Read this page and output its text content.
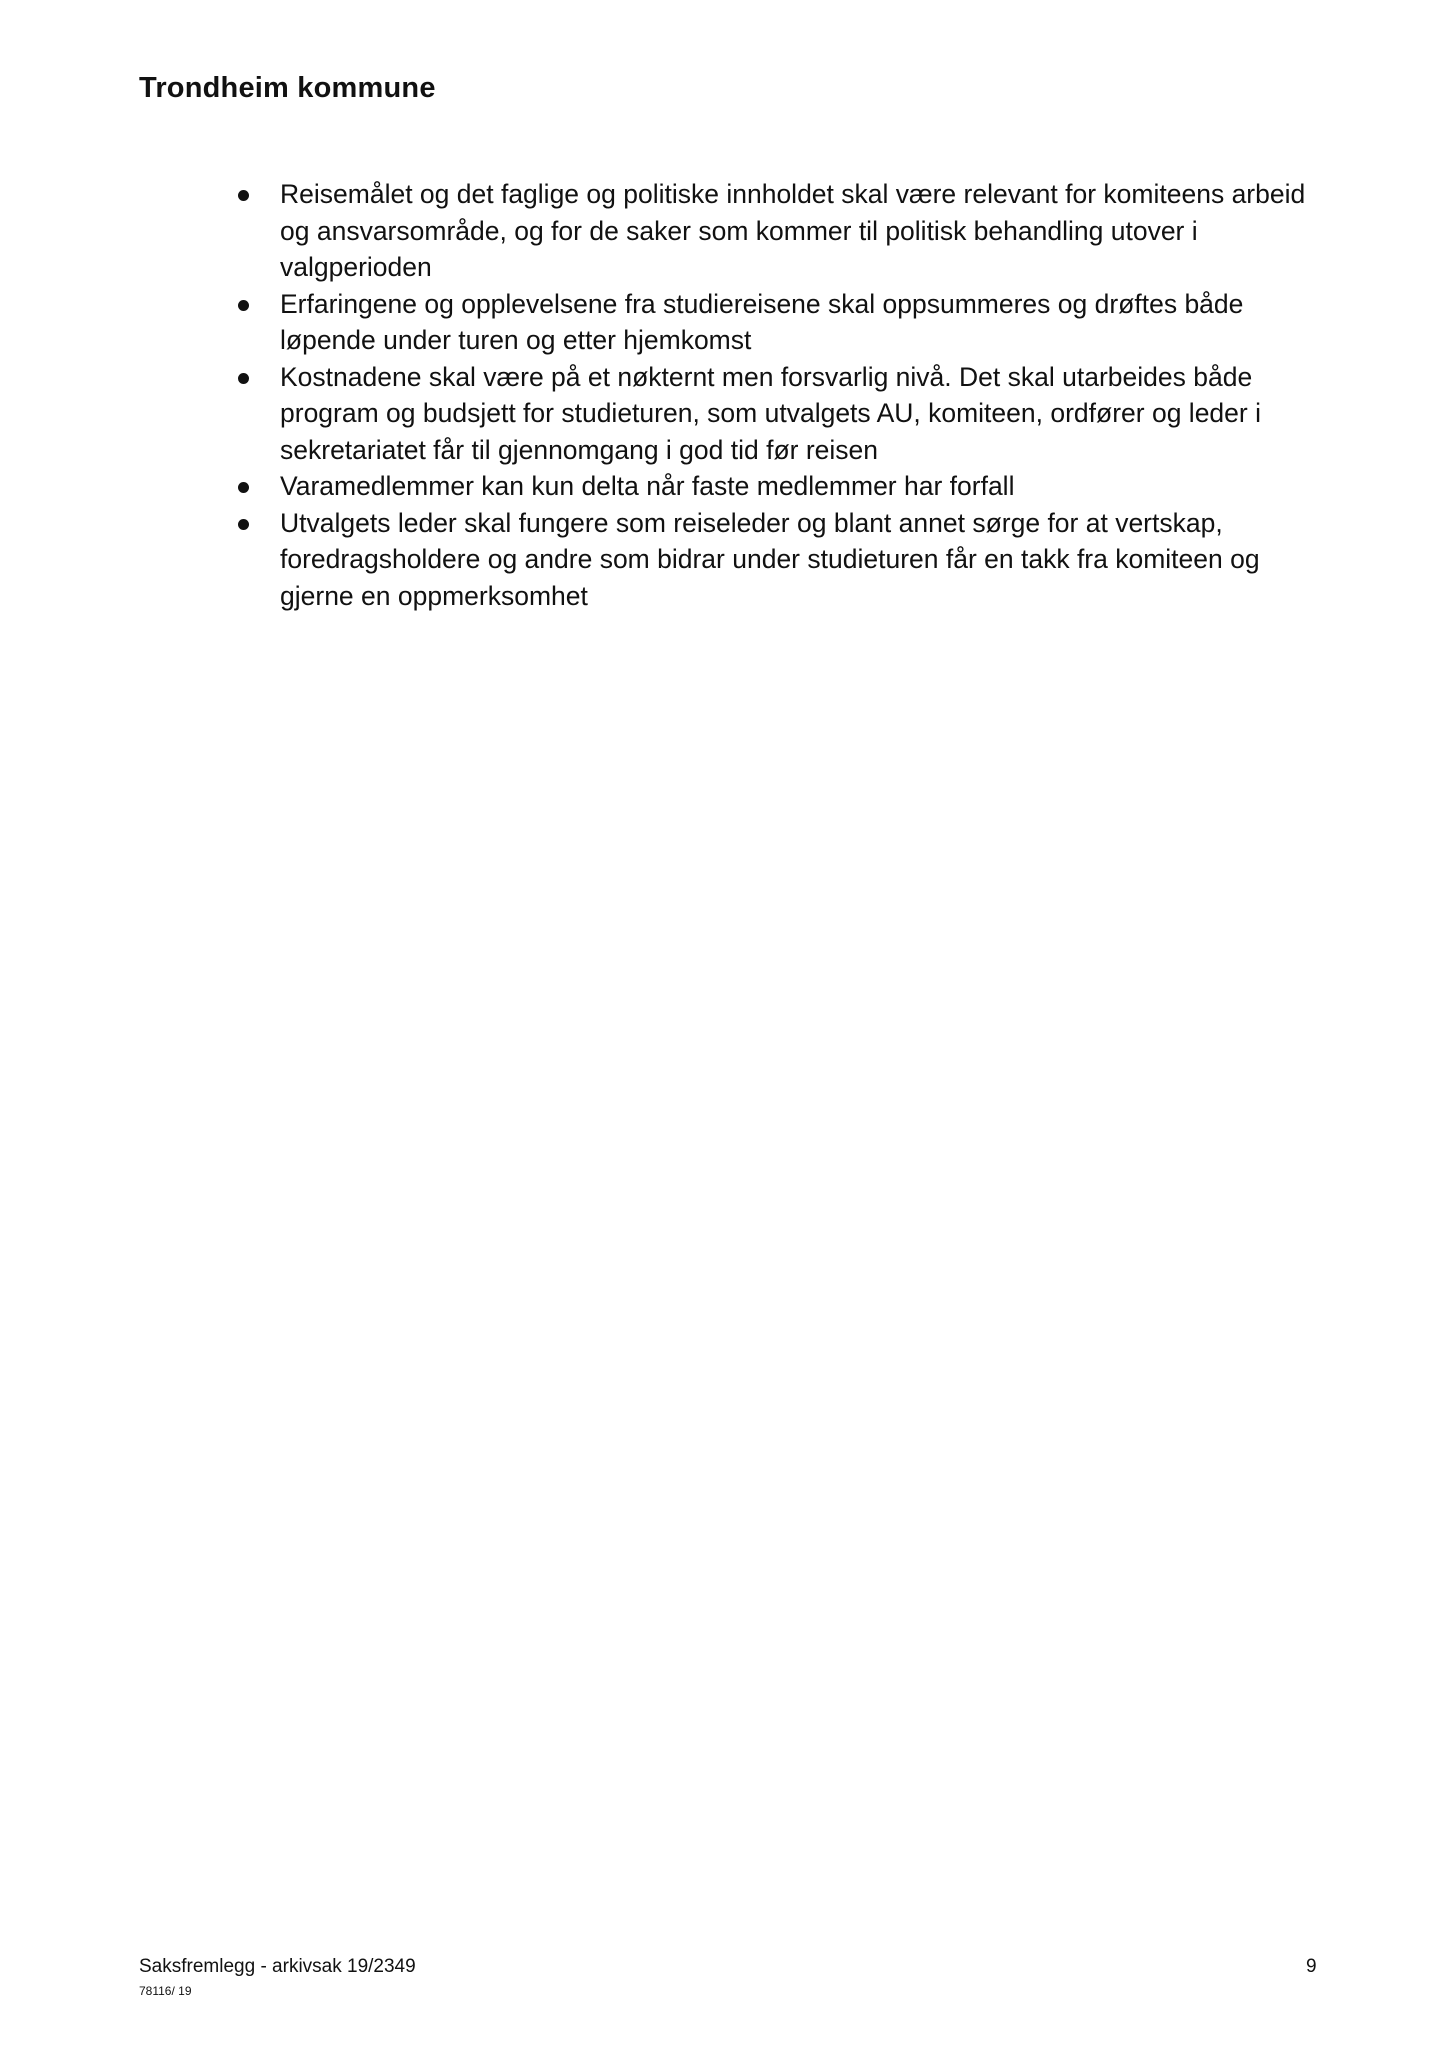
Trondheim kommune
Reisemålet og det faglige og politiske innholdet skal være relevant for komiteens arbeid og ansvarsområde, og for de saker som kommer til politisk behandling utover i valgperioden
Erfaringene og opplevelsene fra studiereisene skal oppsummeres og drøftes både løpende under turen og etter hjemkomst
Kostnadene skal være på et nøkternt men forsvarlig nivå. Det skal utarbeides både program og budsjett for studieturen, som utvalgets AU, komiteen, ordfører og leder i sekretariatet får til gjennomgang i god tid før reisen
Varamedlemmer kan kun delta når faste medlemmer har forfall
Utvalgets leder skal fungere som reiseleder og blant annet sørge for at vertskap, foredragsholdere og andre som bidrar under studieturen får en takk fra komiteen og gjerne en oppmerksomhet
Saksfremlegg - arkivsak 19/2349
78116/ 19
9
